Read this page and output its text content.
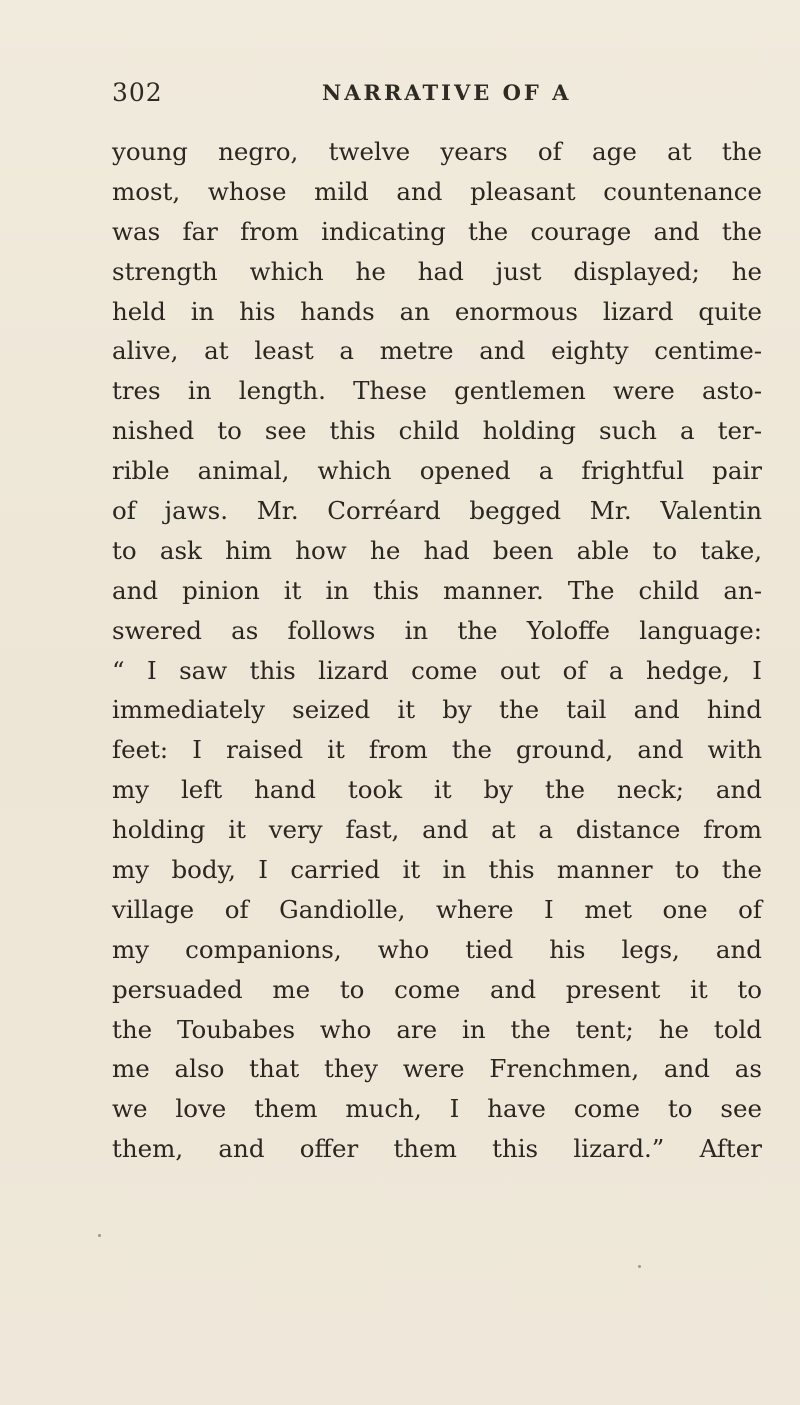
302	NARRATIVE OF A
young negro, twelve years of age at the
most, whose mild and pleasant countenance
was far from indicating the courage and the
strength which he had just displayed; he
held in his hands an enormous lizard quite
alive, at least a metre and eighty centime-
tres in length. These gentlemen were asto-
nished to see this child holding such a ter-
rible animal, which opened a frightful pair
of jaws. Mr. Corréard begged Mr. Valentin
to ask him how he had been able to take,
and pinion it in this manner. The child an-
swered as follows in the Yoloffe language:
“ I saw this lizard come out of a hedge, I
immediately seized it by the tail and hind
feet: I raised it from the ground, and with
my left hand took it by the neck; and
holding it very fast, and at a distance from
my body, I carried it in this manner to the
village of Gandiolle, where I met one of
my companions, who tied his legs, and
persuaded me to come and present it to
the Toubabes who are in the tent; he told
me also that they were Frenchmen, and as
we love them much, I have come to see
them, and offer them this lizard.” After
